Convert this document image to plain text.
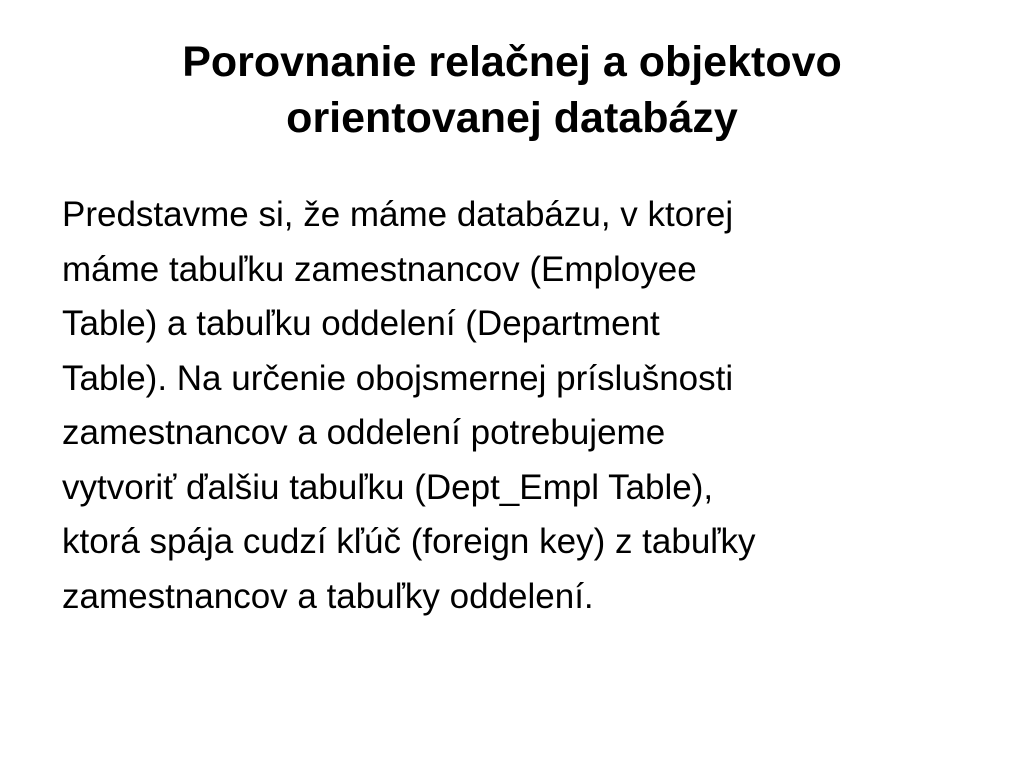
Porovnanie relačnej a objektovo
orientovanej databázy

Predstavme si, že máme databázu, v ktorej
máme tabuľku zamestnancov (Employee
Table) a tabuľku oddelení (Department
Table). Na určenie obojsmernej príslušnosti
zamestnancov a oddelení potrebujeme
vytvoriť ďalšiu tabuľku (Dept_Empl Table),
ktorá spája cudzí kľúč (foreign key) z tabuľky
zamestnancov a tabuľky oddelení.
